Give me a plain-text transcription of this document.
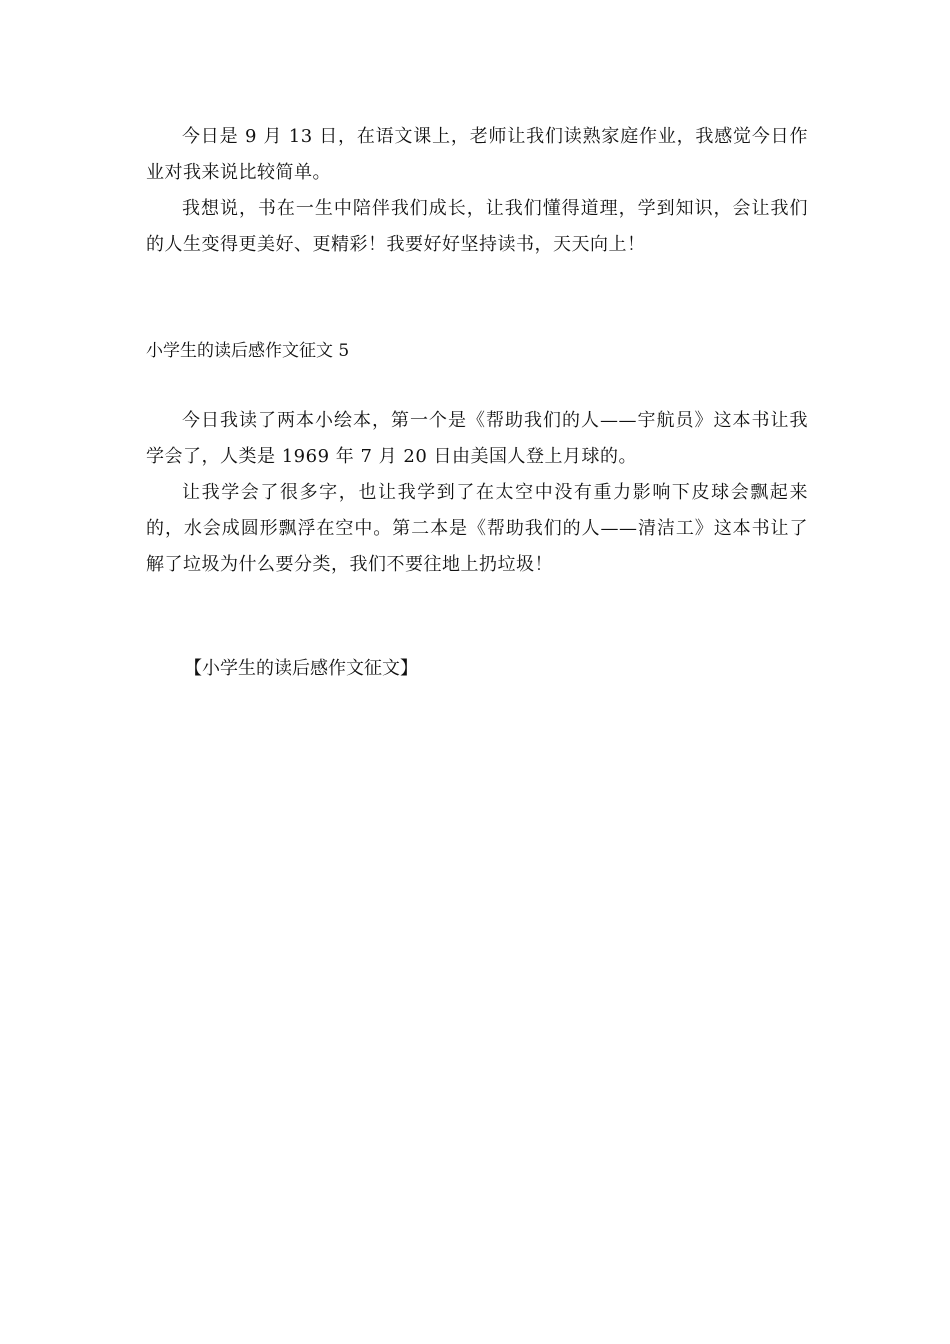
今日是 9 月 13 日，在语文课上，老师让我们读熟家庭作业，我感觉今日作业对我来说比较简单。

我想说，书在一生中陪伴我们成长，让我们懂得道理，学到知识，会让我们的人生变得更美好、更精彩！我要好好坚持读书，天天向上！

小学生的读后感作文征文 5

今日我读了两本小绘本，第一个是《帮助我们的人——宇航员》这本书让我学会了，人类是 1969 年 7 月 20 日由美国人登上月球的。

让我学会了很多字，也让我学到了在太空中没有重力影响下皮球会飘起来的，水会成圆形飘浮在空中。第二本是《帮助我们的人——清洁工》这本书让了解了垃圾为什么要分类，我们不要往地上扔垃圾！

【小学生的读后感作文征文】
